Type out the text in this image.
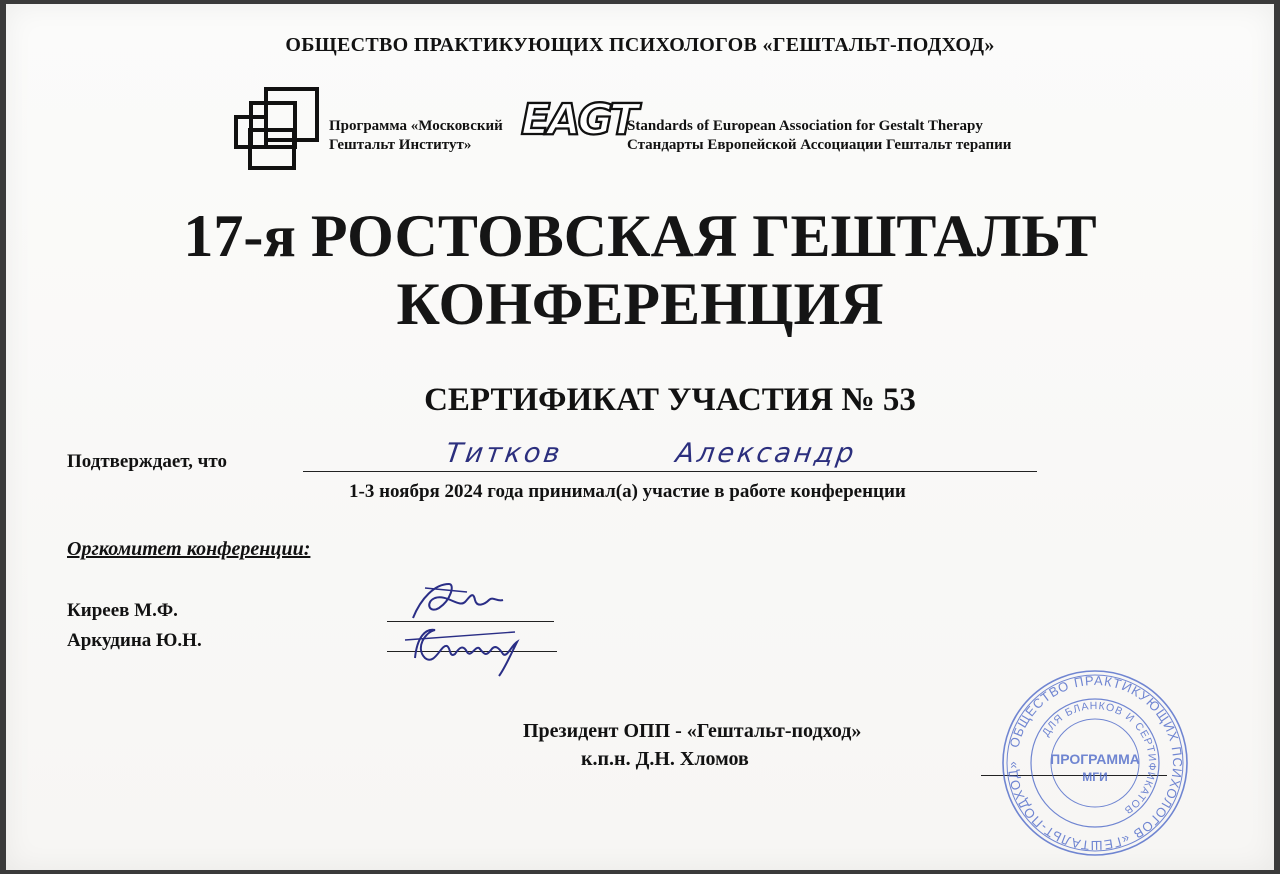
ОБЩЕСТВО ПРАКТИКУЮЩИХ ПСИХОЛОГОВ «ГЕШТАЛЬТ-ПОДХОД»
Программа «Московский
Гештальт Институт»	EAGT
Standards of European Association for Gestalt Therapy
Стандарты Европейской Ассоциации Гештальт терапии
17-я РОСТОВСКАЯ ГЕШТАЛЬТ
КОНФЕРЕНЦИЯ
СЕРТИФИКАТ УЧАСТИЯ № 53
Подтверждает, что	Титков	Александр
1-3 ноября 2024 года принимал(а) участие в работе конференции
Оргкомитет конференции:
Киреев М.Ф.
Аркудина Ю.Н.
Президент ОПП - «Гештальт-подход»
к.п.н. Д.Н. Хломов
ОБЩЕСТВО ПРАКТИКУЮЩИХ ПСИХОЛОГОВ «ГЕШТАЛЬТ-ПОДХОД»
ДЛЯ БЛАНКОВ И СЕРТИФИКАТОВ
ПРОГРАММА
МГИ
